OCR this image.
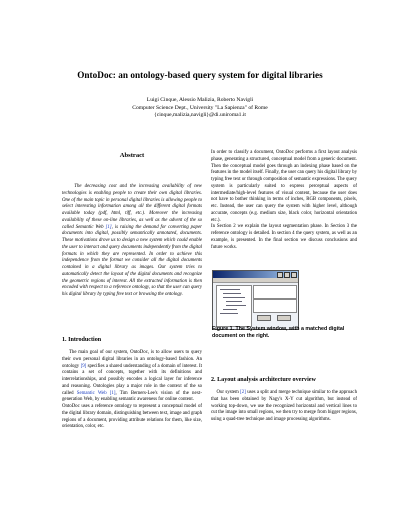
OntoDoc: an ontology-based query system for digital libraries
Luigi Cinque, Alessio Malizia, Roberto Navigli
Computer Science Dept., University "La Sapienza" of Rome
{cinque,malizia,navigli}@di.uniroma1.it
Abstract

The decreasing cost and the increasing availability of new technologies is enabling people to create their own digital libraries. One of the main topic in personal digital libraries is allowing people to select interesting information among all the different digital formats available today (pdf, html, tiff, etc.). Moreover the increasing availability of these on-line libraries, as well as the advent of the so called Semantic Web [1], is raising the demand for converting paper documents into digital, possibly semantically annotated, documents. These motivations drove us to design a new system which could enable the user to interact and query documents independently from the digital formats in which they are represented. In order to achieve this independence from the format we consider all the digital documents contained in a digital library as images. Our system tries to automatically detect the layout of the digital documents and recognize the geometric regions of interest. All the extracted information is then encoded with respect to a reference ontology, so that the user can query his digital library by typing free text or browsing the ontology.

1. Introduction

The main goal of our system, OntoDoc, is to allow users to query their own personal digital libraries in an ontology-based fashion. An ontology [9] specifies a shared understanding of a domain of interest. It contains a set of concepts, together with its definitions and interrelationships, and possibly encodes a logical layer for inference and reasoning. Ontologies play a major role in the context of the so called Semantic Web [1], Tim Berners-Lee's vision of the next-generation Web, by enabling semantic awareness for online content.

OntoDoc uses a reference ontology to represent a conceptual model of the digital library domain, distinguishing between text, image and graph regions of a document, providing attribute relations for them, like size, orientation, color, etc.

In order to classify a document, OntoDoc performs a first layout analysis phase, generating a structured, conceptual model from a generic document. Then the conceptual model goes through an indexing phase based on the features in the model itself. Finally, the user can query his digital library by typing free text or through composition of semantic expressions. The query system is particularly suited to express perceptual aspects of intermediate/high-level features of visual content, because the user does not have to bother thinking in terms of inches, RGB components, pixels, etc. Instead, the user can query the system with higher level, although accurate, concepts (e.g. medium size, black color, horizontal orientation etc.).

In Section 2 we explain the layout segmentation phase. In Section 3 the reference ontology is detailed. In section 4 the query system, as well as an example, is presented. In the final section we discuss conclusions and future works.

Figure 1. The System window, with a matched digital document on the right.
2. Layout analysis architecture overview

Our system [2] uses a split and merge technique similar to the approach that has been obtained by Nagy's X-Y cut algorithm, but instead of working top-down, we use the recognized horizontal and vertical lines to cut the image into small regions, we then try to merge from bigger regions, using a quad-tree technique and image processing algorithms.
